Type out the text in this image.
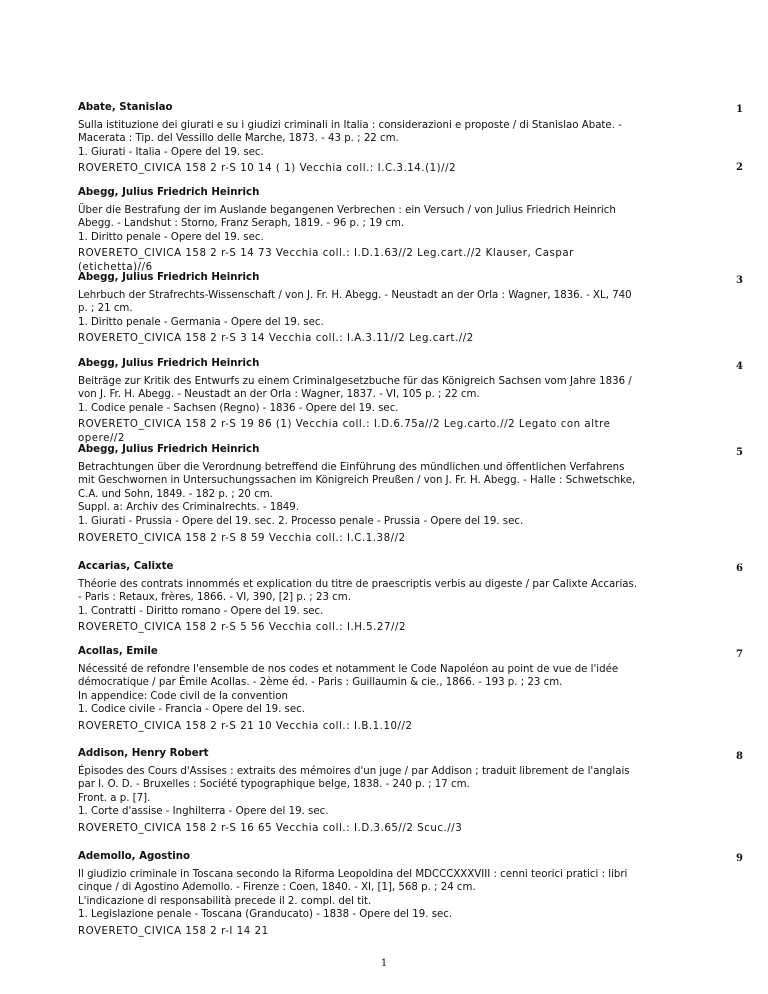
Abate, Stanislao
Sulla istituzione dei giurati e su i giudizi criminali in Italia : considerazioni e proposte / di Stanislao Abate. - Macerata : Tip. del Vessillo delle Marche, 1873. - 43 p. ; 22 cm.
1. Giurati - Italia - Opere del 19. sec.
ROVERETO_CIVICA 158 2 r-S 10 14 ( 1) Vecchia coll.: I.C.3.14.(1)//2
1
Abegg, Julius Friedrich Heinrich
Über die Bestrafung der im Auslande begangenen Verbrechen : ein Versuch / von Julius Friedrich Heinrich Abegg. - Landshut : Storno, Franz Seraph, 1819. - 96 p. ; 19 cm.
1. Diritto penale - Opere del 19. sec.
ROVERETO_CIVICA 158 2 r-S 14 73 Vecchia coll.: I.D.1.63//2 Leg.cart.//2 Klauser, Caspar (etichetta)//6
2
Abegg, Julius Friedrich Heinrich
Lehrbuch der Strafrechts-Wissenschaft / von J. Fr. H. Abegg. - Neustadt an der Orla : Wagner, 1836. - XL, 740 p. ; 21 cm.
1. Diritto penale - Germania - Opere del 19. sec.
ROVERETO_CIVICA 158 2 r-S 3 14 Vecchia coll.: I.A.3.11//2 Leg.cart.//2
3
Abegg, Julius Friedrich Heinrich
Beiträge zur Kritik des Entwurfs zu einem Criminalgesetzbuche für das Königreich Sachsen vom Jahre 1836 / von J. Fr. H. Abegg. - Neustadt an der Orla : Wagner, 1837. - VI, 105 p. ; 22 cm.
1. Codice penale - Sachsen (Regno) - 1836 - Opere del 19. sec.
ROVERETO_CIVICA 158 2 r-S 19 86 (1) Vecchia coll.: I.D.6.75a//2 Leg.carto.//2 Legato con altre opere//2
4
Abegg, Julius Friedrich Heinrich
Betrachtungen über die Verordnung betreffend die Einführung des mündlichen und öffentlichen Verfahrens mit Geschwornen in Untersuchungssachen im Königreich Preußen / von J. Fr. H. Abegg. - Halle : Schwetschke, C.A. und Sohn, 1849. - 182 p. ; 20 cm.
Suppl. a: Archiv des Criminalrechts. - 1849.
1. Giurati - Prussia - Opere del 19. sec. 2. Processo penale - Prussia - Opere del 19. sec.
ROVERETO_CIVICA 158 2 r-S 8 59 Vecchia coll.: I.C.1.38//2
5
Accarias, Calixte
Théorie des contrats innommés et explication du titre de praescriptis verbis au digeste / par Calixte Accarias. - Paris : Retaux, frères, 1866. - VI, 390, [2] p. ; 23 cm.
1. Contratti - Diritto romano - Opere del 19. sec.
ROVERETO_CIVICA 158 2 r-S 5 56 Vecchia coll.: I.H.5.27//2
6
Acollas, Emile
Nécessité de refondre l'ensemble de nos codes et notamment le Code Napoléon au point de vue de l'idée démocratique / par Émile Acollas. - 2ème éd. - Paris : Guillaumin & cie., 1866. - 193 p. ; 23 cm.
In appendice: Code civil de la convention
1. Codice civile - Francia - Opere del 19. sec.
ROVERETO_CIVICA 158 2 r-S 21 10 Vecchia coll.: I.B.1.10//2
7
Addison, Henry Robert
Épisodes des Cours d'Assises : extraits des mémoires d'un juge / par Addison ; traduit librement de l'anglais par I. O. D. - Bruxelles : Société typographique belge, 1838. - 240 p. ; 17 cm.
Front. a p. [7].
1. Corte d'assise - Inghilterra - Opere del 19. sec.
ROVERETO_CIVICA 158 2 r-S 16 65 Vecchia coll.: I.D.3.65//2 Scuc.//3
8
Ademollo, Agostino
Il giudizio criminale in Toscana secondo la Riforma Leopoldina del MDCCCXXXVIII : cenni teorici pratici : libri cinque / di Agostino Ademollo. - Firenze : Coen, 1840. - XI, [1], 568 p. ; 24 cm.
L'indicazione di responsabilità precede il 2. compl. del tit.
1. Legislazione penale - Toscana (Granducato) - 1838 - Opere del 19. sec.
ROVERETO_CIVICA 158 2 r-I 14 21
9
1
